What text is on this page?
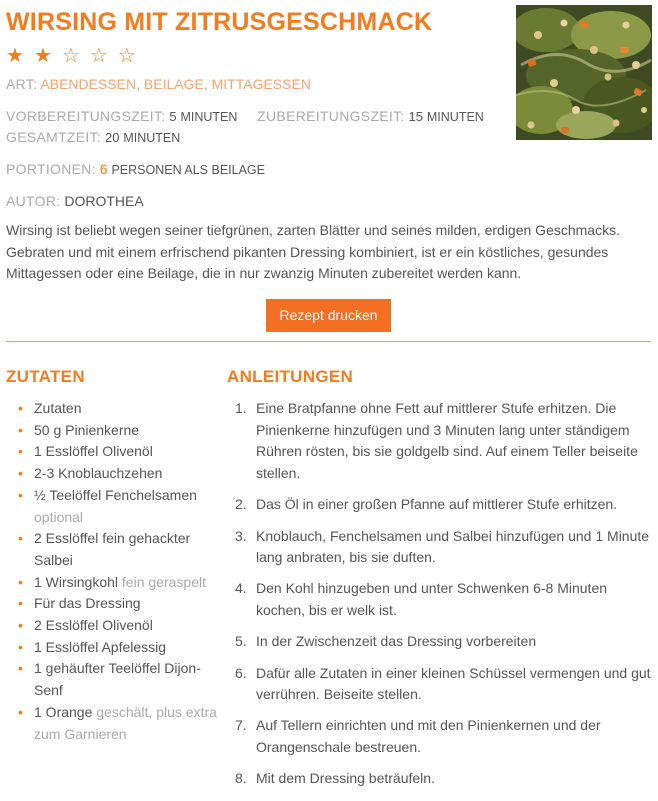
WIRSING MIT ZITRUSGESCHMACK
★★☆☆☆
ART: ABENDESSEN, BEILAGE, MITTAGESSEN
VORBEREITUNGSZEIT: 5 MINUTEN ZUBEREITUNGSZEIT: 15 MINUTEN
GESAMTZEIT: 20 MINUTEN
PORTIONEN: 6 PERSONEN ALS BEILAGE
AUTOR: DOROTHEA

Wirsing ist beliebt wegen seiner tiefgrünen, zarten Blätter und seines milden, erdigen Geschmacks. Gebraten und mit einem erfrischend pikanten Dressing kombiniert, ist er ein köstliches, gesundes Mittagessen oder eine Beilage, die in nur zwanzig Minuten zubereitet werden kann.

Rezept drucken
ZUTATEN	ANLEITUNGEN
• Zutaten
• 50 g Pinienkerne
• 1 Esslöffel Olivenöl
• 2-3 Knoblauchzehen
• ½ Teelöffel Fenchelsamen optional
• 2 Esslöffel fein gehackter Salbei
• 1 Wirsingkohl fein geraspelt
• Für das Dressing
• 2 Esslöffel Olivenöl
• 1 Esslöffel Apfelessig
• 1 gehäufter Teelöffel Dijon-Senf
• 1 Orange geschält, plus extra zum Garnieren
1. Eine Bratpfanne ohne Fett auf mittlerer Stufe erhitzen. Die Pinienkerne hinzufügen und 3 Minuten lang unter ständigem Rühren rösten, bis sie goldgelb sind. Auf einem Teller beiseite stellen.
2. Das Öl in einer großen Pfanne auf mittlerer Stufe erhitzen.
3. Knoblauch, Fenchelsamen und Salbei hinzufügen und 1 Minute lang anbraten, bis sie duften.
4. Den Kohl hinzugeben und unter Schwenken 6-8 Minuten kochen, bis er welk ist.
5. In der Zwischenzeit das Dressing vorbereiten
6. Dafür alle Zutaten in einer kleinen Schüssel vermengen und gut verrühren. Beiseite stellen.
7. Auf Tellern einrichten und mit den Pinienkernen und der Orangenschale bestreuen.
8. Mit dem Dressing beträufeln.
